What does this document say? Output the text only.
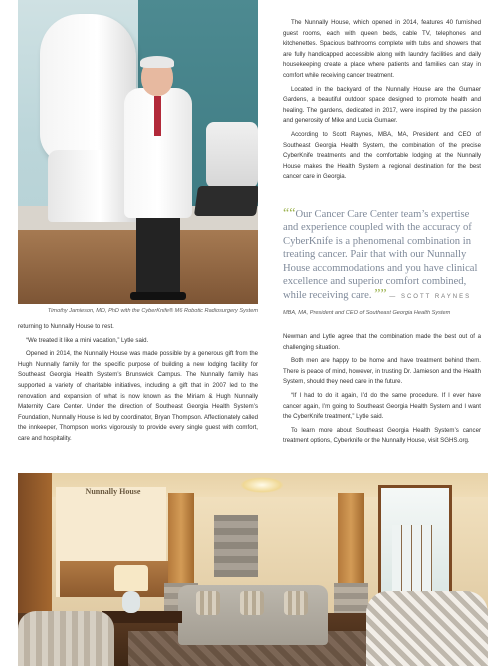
Timothy Jamieson, MD, PhD with the CyberKnife® M6 Robotic Radiosurgery System

returning to Nunnally House to rest.

“We treated it like a mini vacation,” Lytle said.

Opened in 2014, the Nunnally House was made possible by a generous gift from the Hugh Nunnally family for the specific purpose of building a new lodging facility for Southeast Georgia Health System’s Brunswick Campus. The Nunnally family has supported a variety of charitable initiatives, including a gift that in 2007 led to the renovation and expansion of what is now known as the Miriam & Hugh Nunnally Maternity Care Center. Under the direction of Southeast Georgia Health System’s Foundation, Nunnally House is led by coordinator, Bryan Thompson. Affectionately called the innkeeper, Thompson works vigorously to provide every single guest with comfort, care and hospitality.

The Nunnally House, which opened in 2014, features 40 furnished guest rooms, each with queen beds, cable TV, telephones and kitchenettes. Spacious bathrooms complete with tubs and showers that are fully handicapped accessible along with laundry facilities and daily housekeeping create a place where patients and families can stay in comfort while receiving cancer treatment.

Located in the backyard of the Nunnally House are the Gumaer Gardens, a beautiful outdoor space designed to promote health and healing. The gardens, dedicated in 2017, were inspired by the passion and generosity of Mike and Lucia Gumaer.

According to Scott Raynes, MBA, MA, President and CEO of Southeast Georgia Health System, the combination of the precise CyberKnife treatments and the comfortable lodging at the Nunnally House makes the Health System a regional destination for the best cancer care in Georgia.

““Our Cancer Care Center team’s expertise and experience coupled with the accuracy of CyberKnife is a phenomenal combination in treating cancer. Pair that with our Nunnally House accommodations and you have clinical excellence and superior comfort combined, while receiving care. ”” — SCOTT RAYNES
MBA, MA, President and CEO of Southeast Georgia Health System

Newman and Lytle agree that the combination made the best out of a challenging situation.

Both men are happy to be home and have treatment behind them. There is peace of mind, however, in trusting Dr. Jamieson and the Health System, should they need care in the future.

“If I had to do it again, I’d do the same procedure. If I ever have cancer again, I’m going to Southeast Georgia Health System and I want the CyberKnife treatment,” Lytle said.

To learn more about Southeast Georgia Health System’s cancer treatment options, Cyberknife or the Nunnally House, visit SGHS.org.

Nunnally House
